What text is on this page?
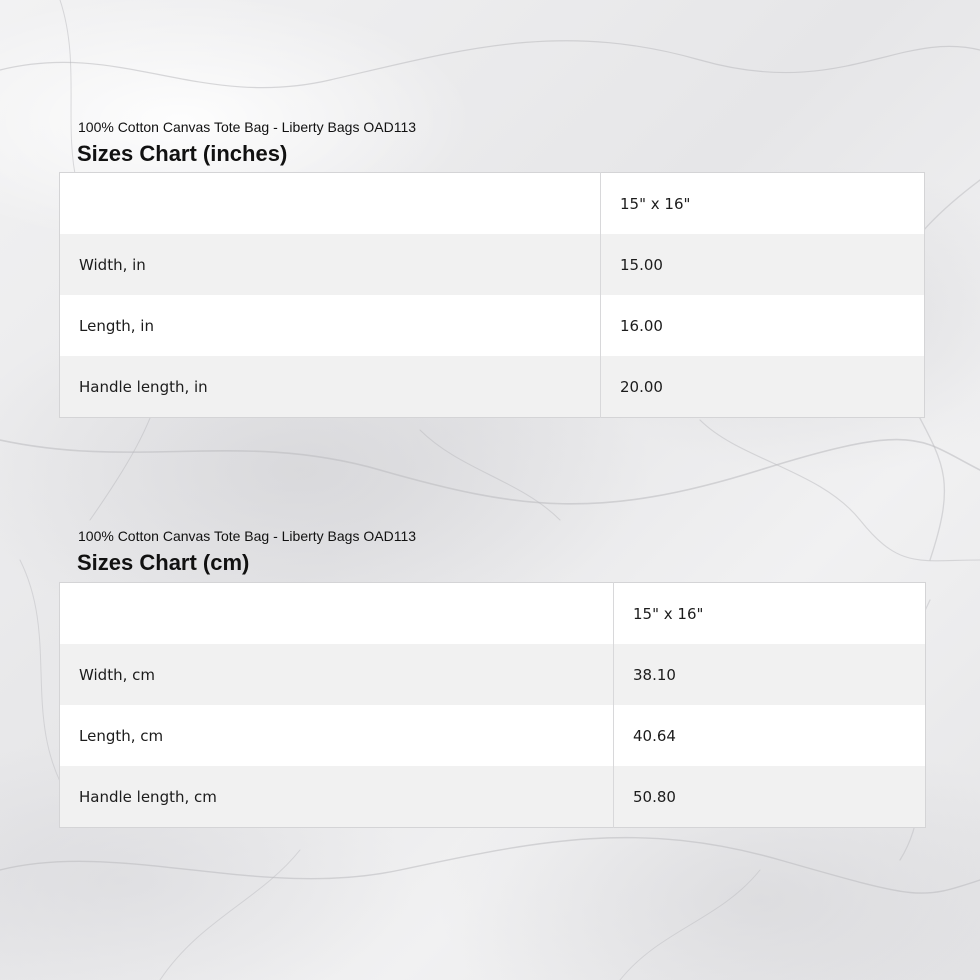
100% Cotton Canvas Tote Bag - Liberty Bags OAD113
Sizes Chart (inches)
	15" x 16"
Width, in	15.00
Length, in	16.00
Handle length, in	20.00
100% Cotton Canvas Tote Bag - Liberty Bags OAD113
Sizes Chart (cm)
	15" x 16"
Width, cm	38.10
Length, cm	40.64
Handle length, cm	50.80
